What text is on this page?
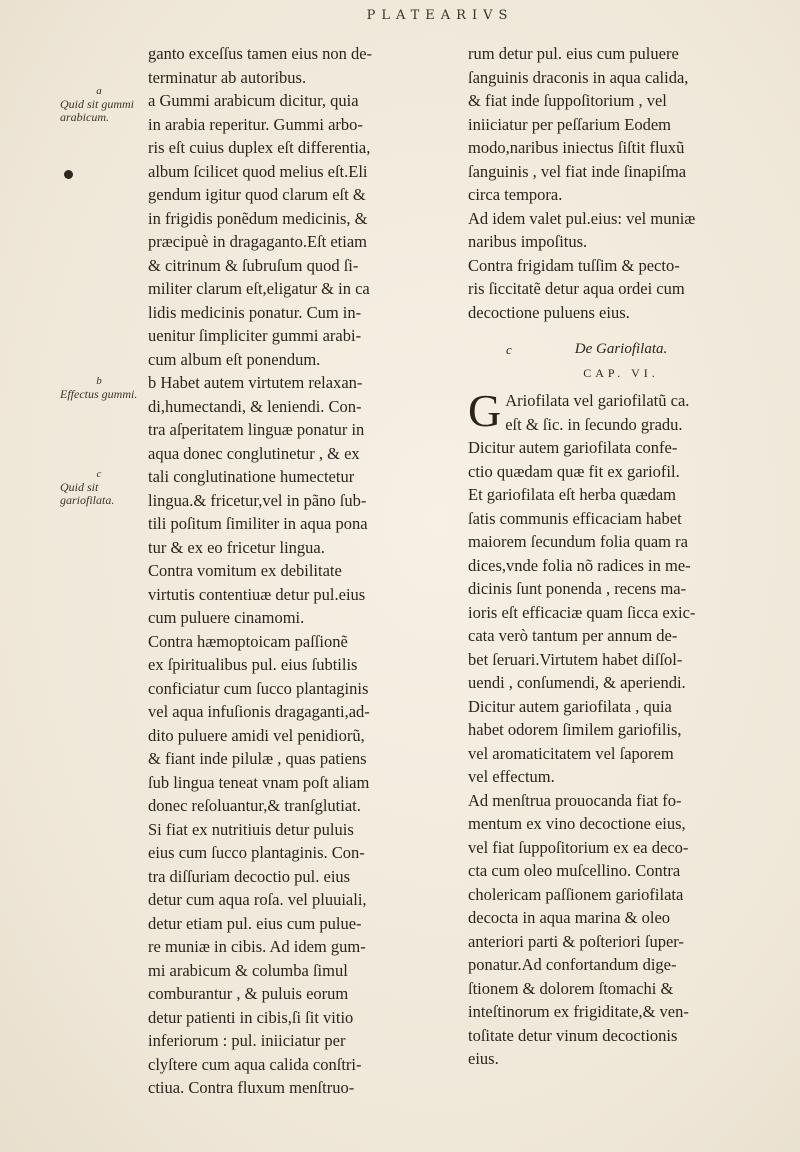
PLATEARIVS
a
Quid sit gummi arabicum.
b
Effectus gummi.
c
Quid sit gariofilata.
ganto exceſſus tamen eius non de-
terminatur ab autoribus.
a Gummi arabicum dicitur, quia
in arabia reperitur. Gummi arbo-
ris eſt cuius duplex eſt differentia,
album ſcilicet quod melius eſt.Eli
gendum igitur quod clarum eſt &
in frigidis ponẽdum medicinis, &
præcipuè in dragaganto.Eſt etiam
& citrinum & ſubruſum quod ſi-
militer clarum eſt,eligatur & in ca
lidis medicinis ponatur. Cum in-
uenitur ſimpliciter gummi arabi-
cum album eſt ponendum.
b Habet autem virtutem relaxan-
di,humectandi, & leniendi. Con-
tra aſperitatem linguæ ponatur in
aqua donec conglutinetur , & ex
tali conglutinatione humectetur
lingua.& fricetur,vel in pãno ſub-
tili poſitum ſimiliter in aqua pona
tur & ex eo fricetur lingua.
Contra vomitum ex debilitate
virtutis contentiuæ detur pul.eius
cum puluere cinamomi.
Contra hæmoptoicam paſſionẽ
ex ſpiritualibus pul. eius ſubtilis
conficiatur cum ſucco plantaginis
vel aqua infuſionis dragaganti,ad-
dito puluere amidi vel penidiorũ,
& fiant inde pilulæ , quas patiens
ſub lingua teneat vnam poſt aliam
donec reſoluantur,& tranſglutiat.
Si fiat ex nutritiuis detur puluis
eius cum ſucco plantaginis. Con-
tra diſſuriam decoctio pul. eius
detur cum aqua roſa. vel pluuiali,
detur etiam pul. eius cum pulue-
re muniæ in cibis. Ad idem gum-
mi arabicum & columba ſimul
comburantur , & puluis eorum
detur patienti in cibis,ſi ſit vitio
inferiorum : pul. iniiciatur per
clyſtere cum aqua calida conſtri-
ctiua. Contra fluxum menſtruo-
rum detur pul. eius cum puluere
ſanguinis draconis in aqua calida,
& fiat inde ſuppoſitorium , vel
iniiciatur per peſſarium Eodem
modo,naribus iniectus ſiſtit fluxũ
ſanguinis , vel fiat inde ſinapiſma
circa tempora.
Ad idem valet pul.eius: vel muniæ
naribus impoſitus.
Contra frigidam tuſſim & pecto-
ris ſiccitatẽ detur aqua ordei cum
decoctione puluens eius.
c	De Gariofilata.
CAP. VI.
G Ariofilata vel gariofilatũ ca.
eſt & ſic. in ſecundo gradu.
Dicitur autem gariofilata confe-
ctio quædam quæ fit ex gariofil.
Et gariofilata eſt herba quædam
ſatis communis efficaciam habet
maiorem ſecundum folia quam ra
dices,vnde folia nõ radices in me-
dicinis ſunt ponenda , recens ma-
ioris eſt efficaciæ quam ſicca exic-
cata verò tantum per annum de-
bet ſeruari.Virtutem habet diſſol-
uendi , conſumendi, & aperiendi.
Dicitur autem gariofilata , quia
habet odorem ſimilem gariofilis,
vel aromaticitatem vel ſaporem
vel effectum.
Ad menſtrua prouocanda fiat fo-
mentum ex vino decoctione eius,
vel fiat ſuppoſitorium ex ea deco-
cta cum oleo muſcellino. Contra
cholericam paſſionem gariofilata
decocta in aqua marina & oleo
anteriori parti & poſteriori ſuper-
ponatur.Ad confortandum dige-
ſtionem & dolorem ſtomachi &
inteſtinorum ex frigiditate,& ven-
toſitate detur vinum decoctionis
eius.
